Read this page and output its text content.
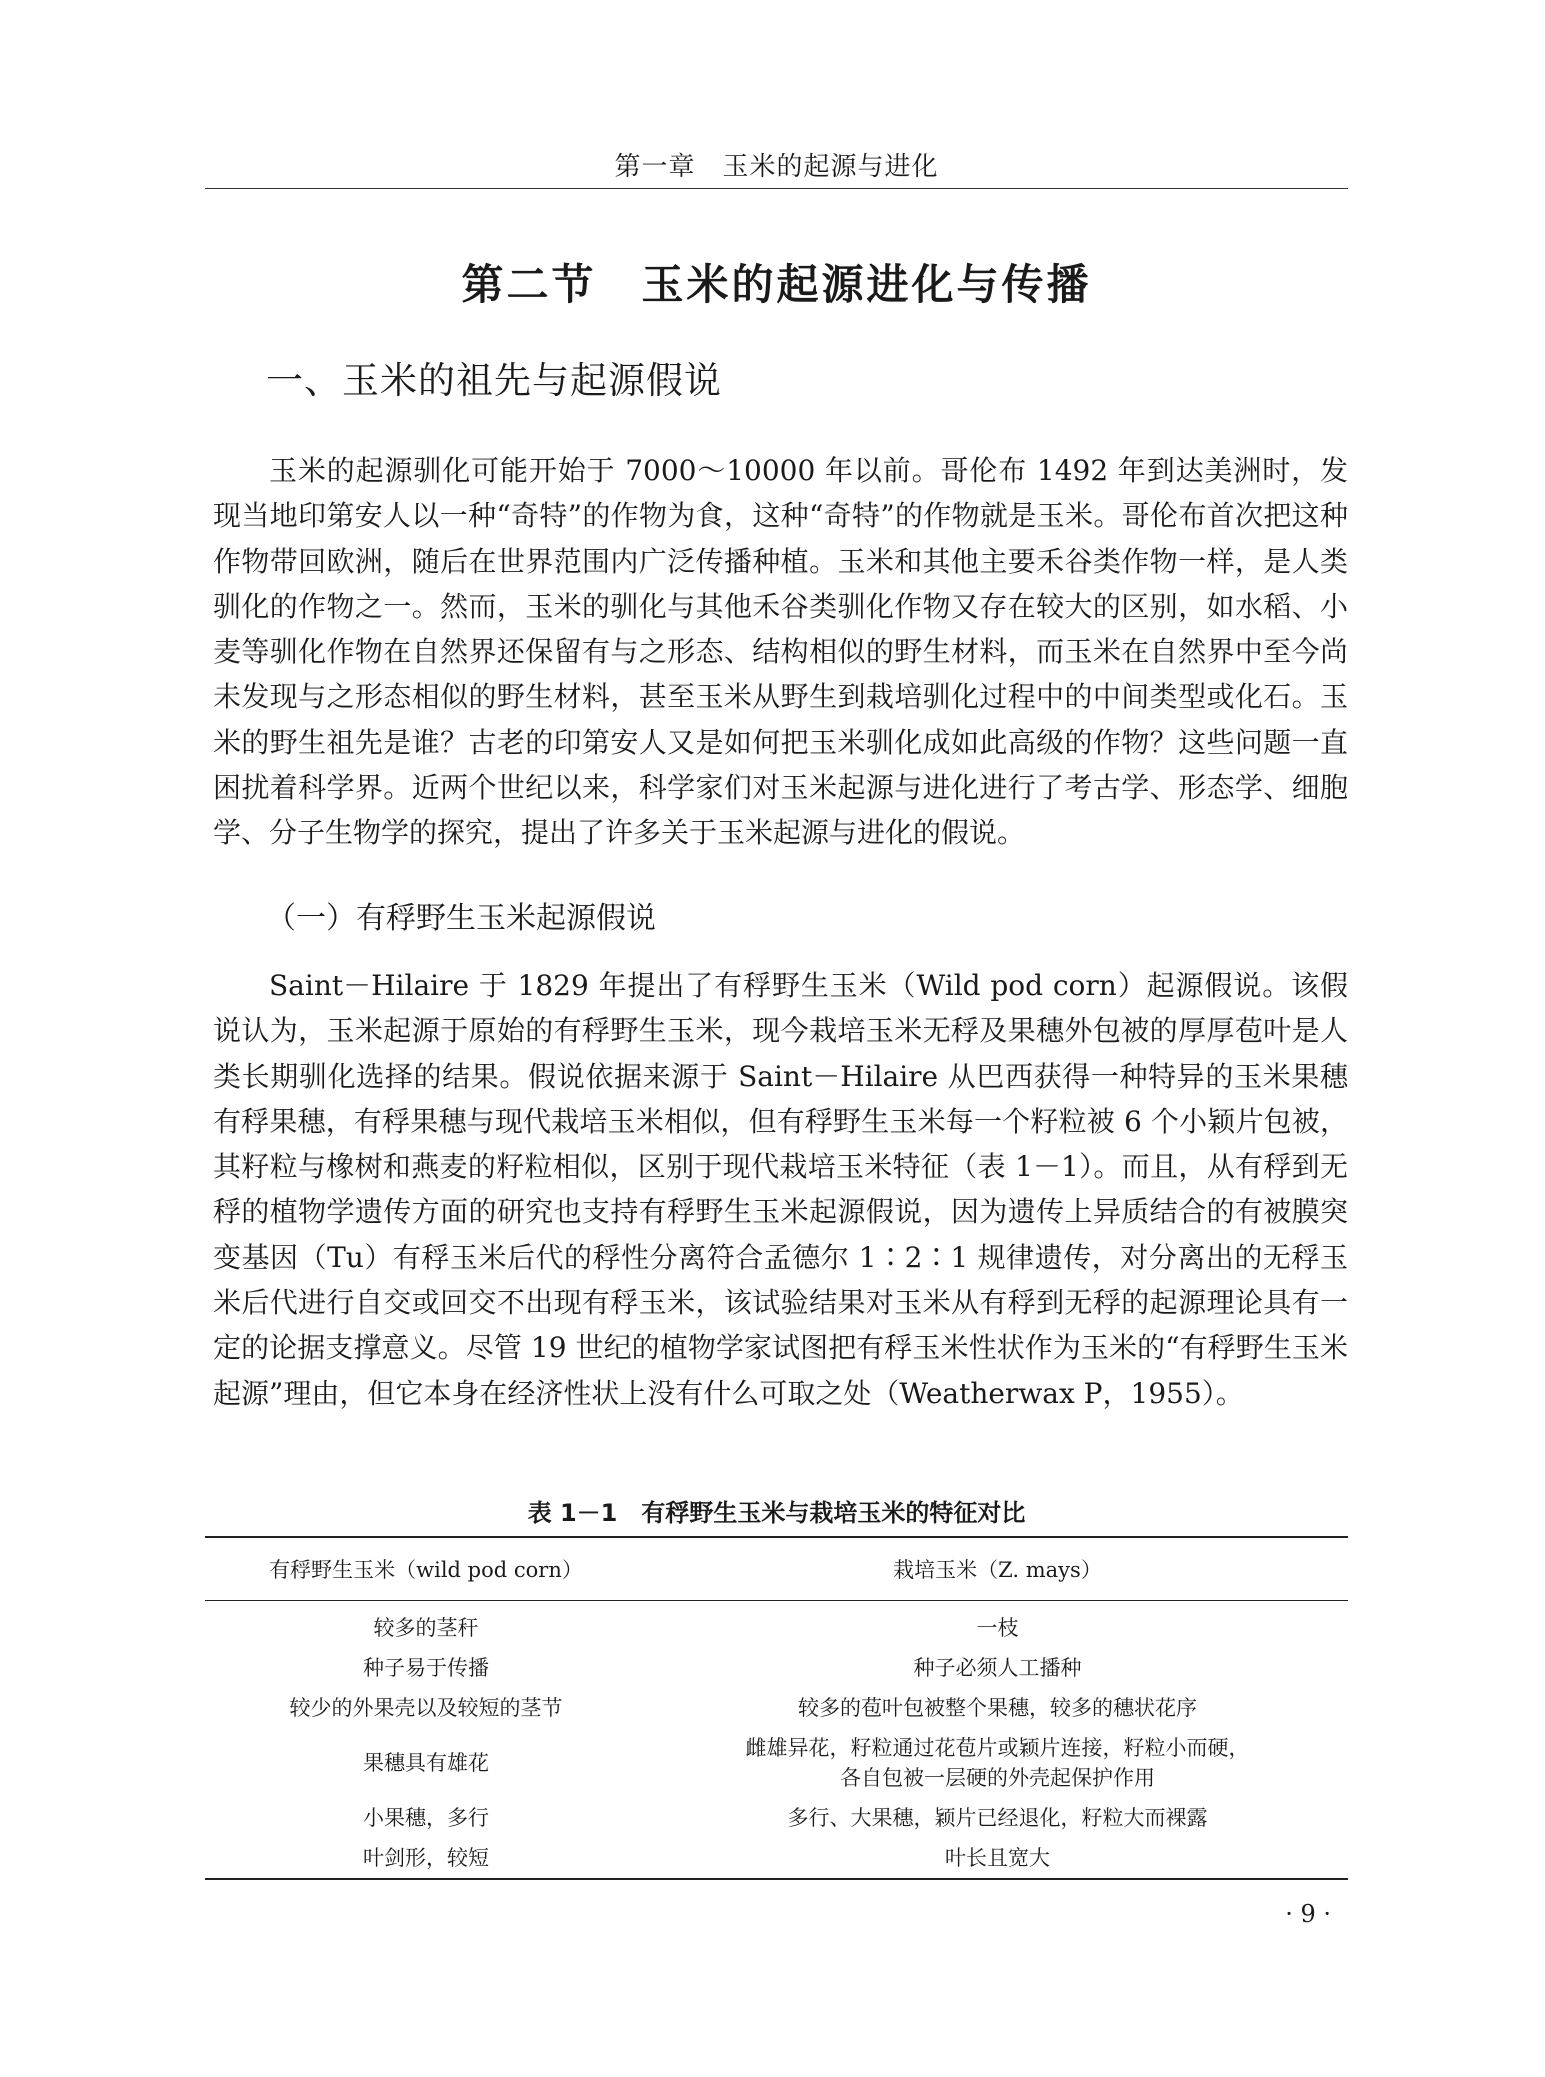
第一章　玉米的起源与进化
第二节　玉米的起源进化与传播
一、玉米的祖先与起源假说

玉米的起源驯化可能开始于 7000～10000 年以前。哥伦布 1492 年到达美洲时，发现当地印第安人以一种“奇特”的作物为食，这种“奇特”的作物就是玉米。哥伦布首次把这种作物带回欧洲，随后在世界范围内广泛传播种植。玉米和其他主要禾谷类作物一样，是人类驯化的作物之一。然而，玉米的驯化与其他禾谷类驯化作物又存在较大的区别，如水稻、小麦等驯化作物在自然界还保留有与之形态、结构相似的野生材料，而玉米在自然界中至今尚未发现与之形态相似的野生材料，甚至玉米从野生到栽培驯化过程中的中间类型或化石。玉米的野生祖先是谁？古老的印第安人又是如何把玉米驯化成如此高级的作物？这些问题一直困扰着科学界。近两个世纪以来，科学家们对玉米起源与进化进行了考古学、形态学、细胞学、分子生物学的探究，提出了许多关于玉米起源与进化的假说。

（一）有稃野生玉米起源假说

Saint－Hilaire 于 1829 年提出了有稃野生玉米（Wild pod corn）起源假说。该假说认为，玉米起源于原始的有稃野生玉米，现今栽培玉米无稃及果穗外包被的厚厚苞叶是人类长期驯化选择的结果。假说依据来源于 Saint－Hilaire 从巴西获得一种特异的玉米果穗　有稃果穗，有稃果穗与现代栽培玉米相似，但有稃野生玉米每一个籽粒被 6 个小颖片包被，其籽粒与橡树和燕麦的籽粒相似，区别于现代栽培玉米特征（表 1－1）。而且，从有稃到无稃的植物学遗传方面的研究也支持有稃野生玉米起源假说，因为遗传上异质结合的有被膜突变基因（Tu）有稃玉米后代的稃性分离符合孟德尔 1∶2∶1 规律遗传，对分离出的无稃玉米后代进行自交或回交不出现有稃玉米，该试验结果对玉米从有稃到无稃的起源理论具有一定的论据支撑意义。尽管 19 世纪的植物学家试图把有稃玉米性状作为玉米的“有稃野生玉米起源”理由，但它本身在经济性状上没有什么可取之处（Weatherwax P，1955）。

表 1－1　有稃野生玉米与栽培玉米的特征对比
有稃野生玉米（wild pod corn）	栽培玉米（Z. mays）
较多的茎秆	一枝
种子易于传播	种子必须人工播种
较少的外果壳以及较短的茎节	较多的苞叶包被整个果穗，较多的穗状花序
果穗具有雄花	雌雄异花，籽粒通过花苞片或颖片连接，籽粒小而硬，
各自包被一层硬的外壳起保护作用
小果穗，多行	多行、大果穗，颖片已经退化，籽粒大而裸露
叶剑形，较短	叶长且宽大
· 9 ·
